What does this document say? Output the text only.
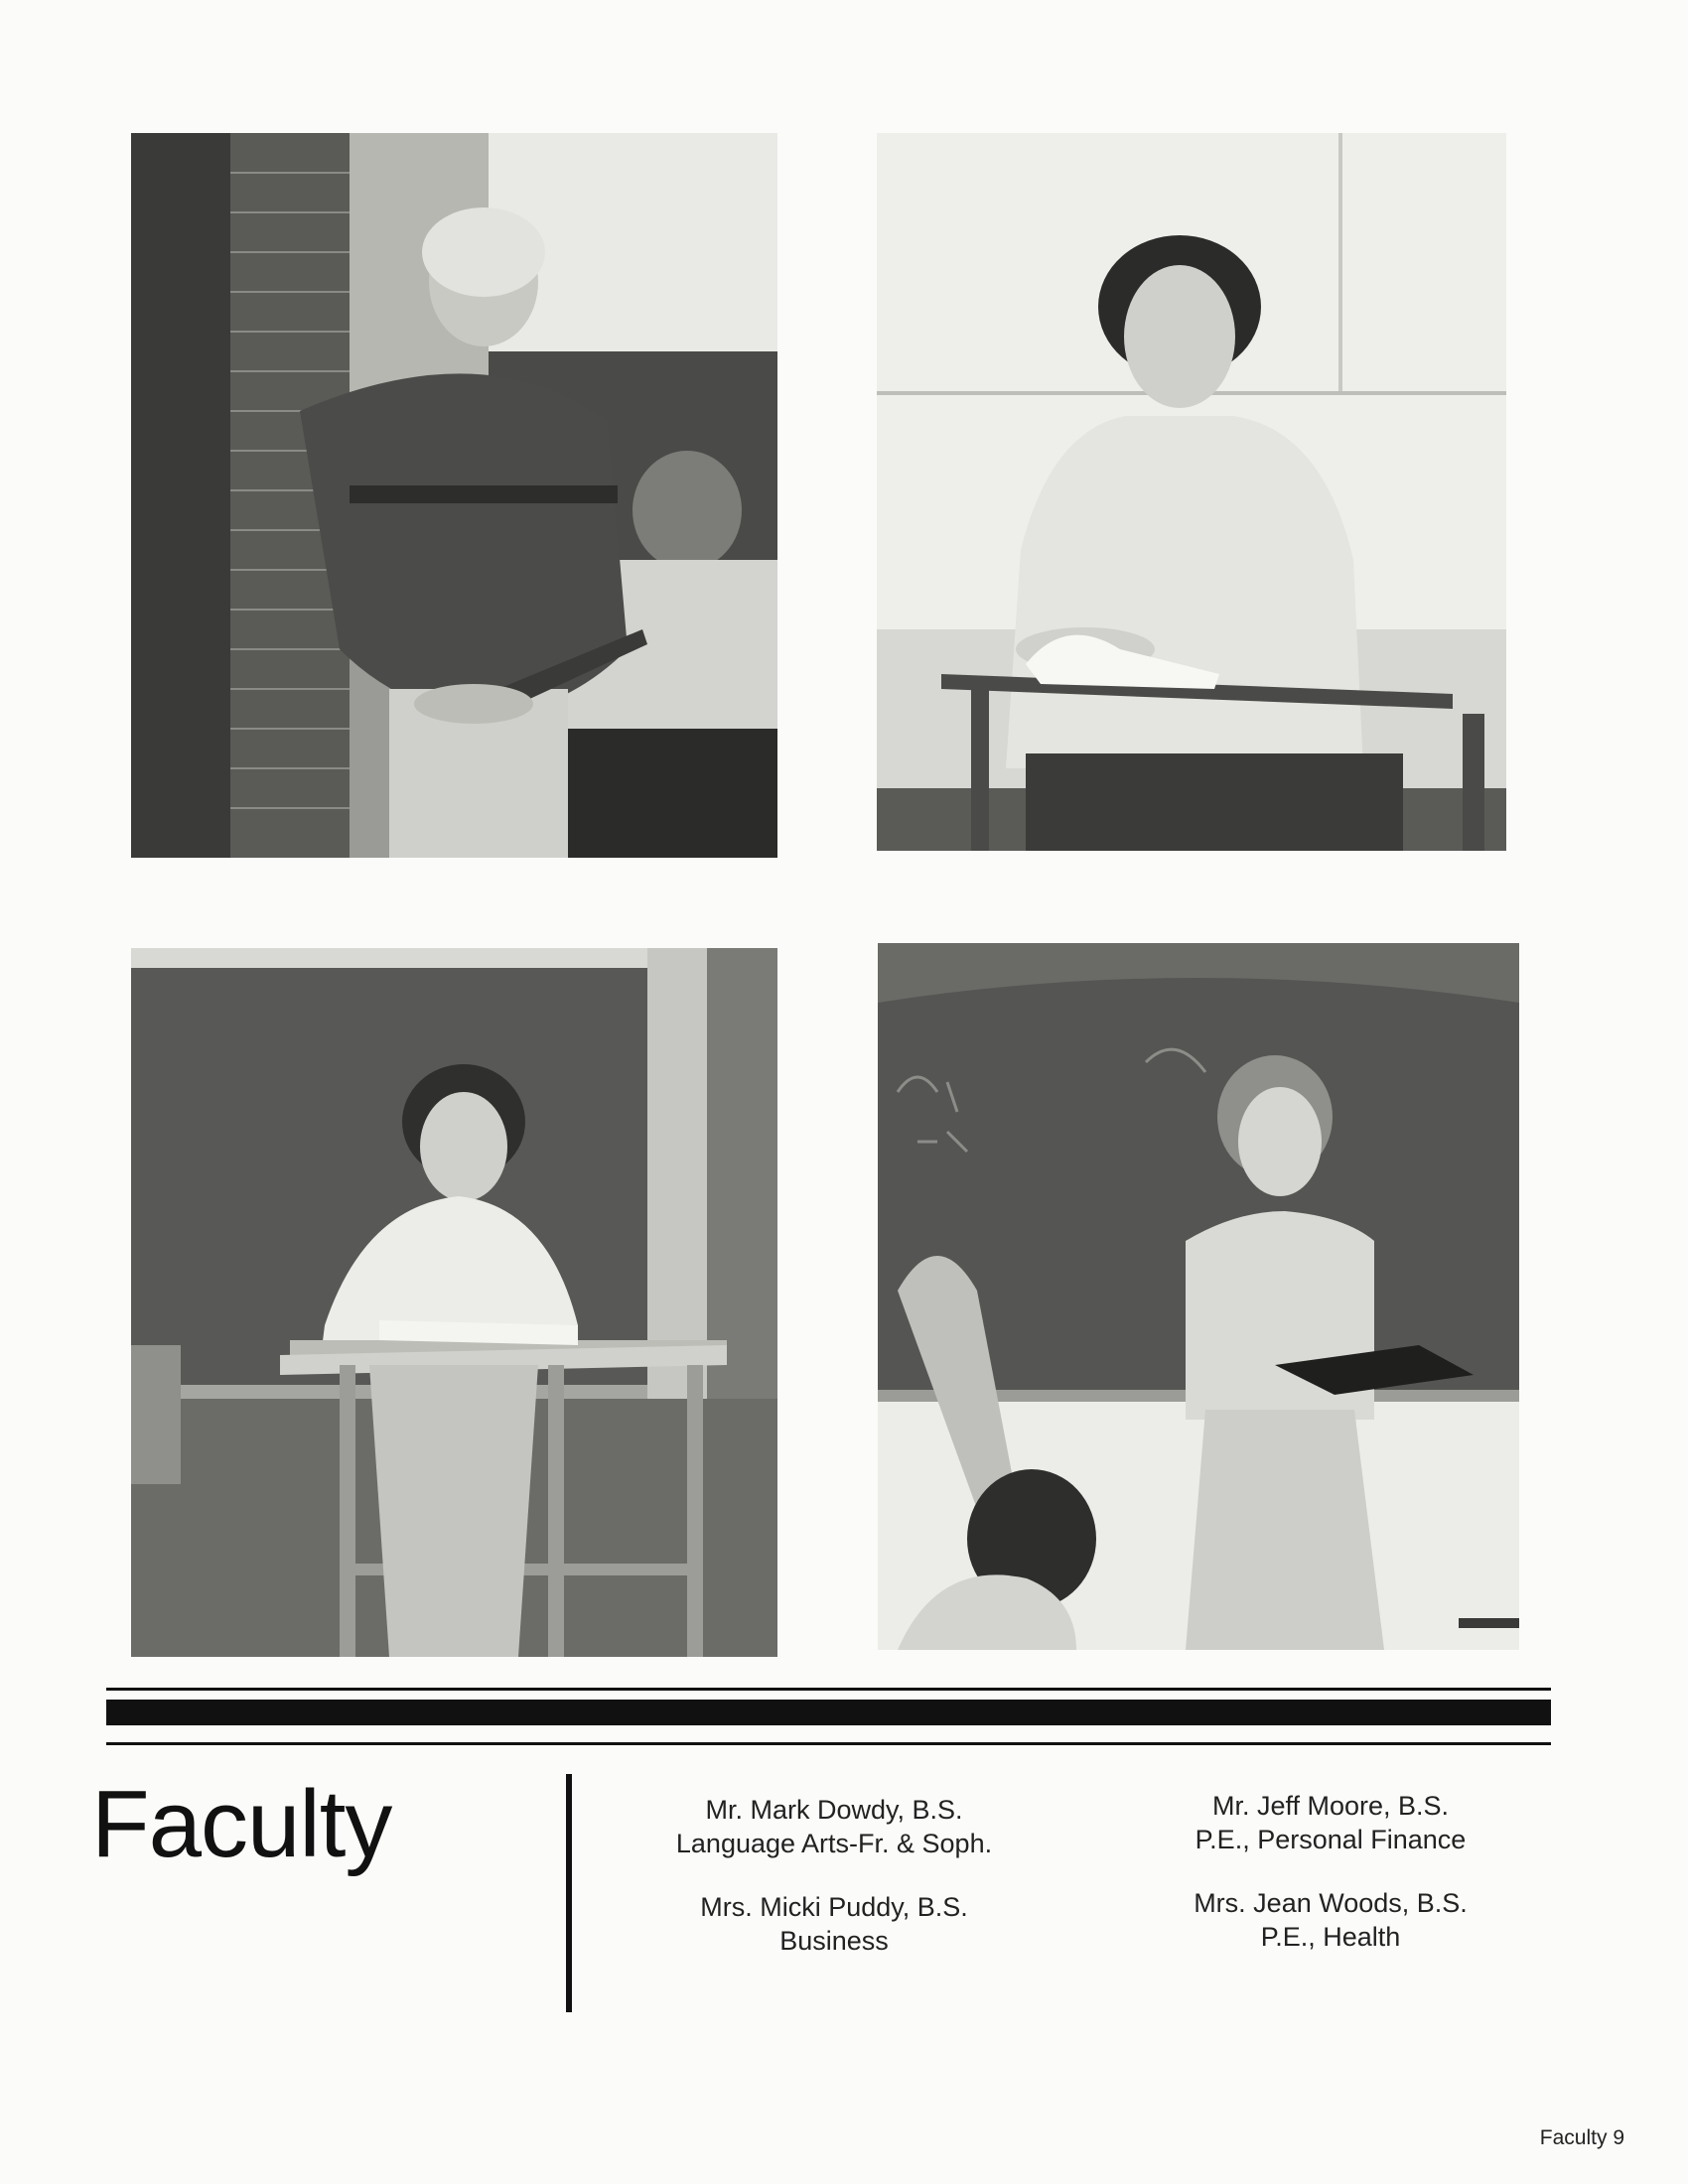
Faculty	Mr. Mark Dowdy, B.S.
Language Arts-Fr. & Soph.
Mrs. Micki Puddy, B.S.
Business
Mr. Jeff Moore, B.S.
P.E., Personal Finance
Mrs. Jean Woods, B.S.
P.E., Health
Faculty 9
